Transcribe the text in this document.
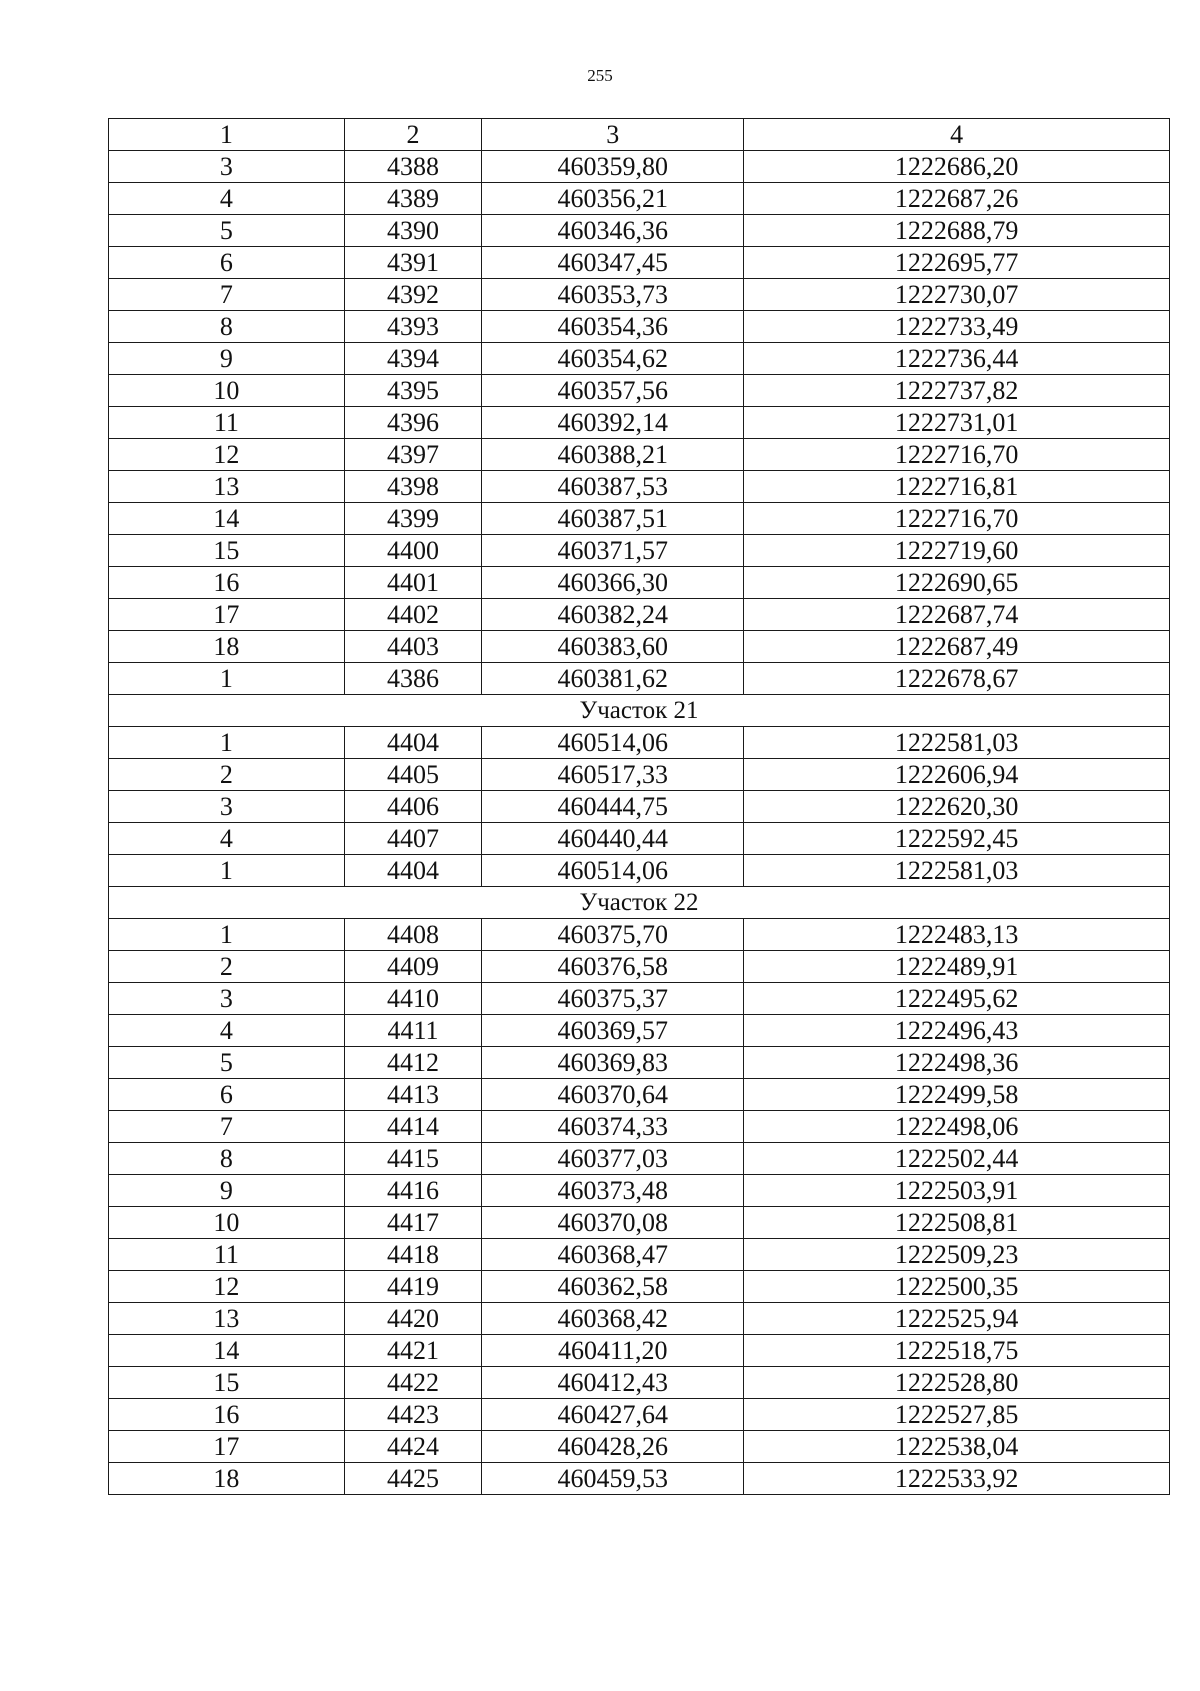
255
1	2	3	4
3	4388	460359,80	1222686,20
4	4389	460356,21	1222687,26
5	4390	460346,36	1222688,79
6	4391	460347,45	1222695,77
7	4392	460353,73	1222730,07
8	4393	460354,36	1222733,49
9	4394	460354,62	1222736,44
10	4395	460357,56	1222737,82
11	4396	460392,14	1222731,01
12	4397	460388,21	1222716,70
13	4398	460387,53	1222716,81
14	4399	460387,51	1222716,70
15	4400	460371,57	1222719,60
16	4401	460366,30	1222690,65
17	4402	460382,24	1222687,74
18	4403	460383,60	1222687,49
1	4386	460381,62	1222678,67
Участок 21			
1	4404	460514,06	1222581,03
2	4405	460517,33	1222606,94
3	4406	460444,75	1222620,30
4	4407	460440,44	1222592,45
1	4404	460514,06	1222581,03
Участок 22			
1	4408	460375,70	1222483,13
2	4409	460376,58	1222489,91
3	4410	460375,37	1222495,62
4	4411	460369,57	1222496,43
5	4412	460369,83	1222498,36
6	4413	460370,64	1222499,58
7	4414	460374,33	1222498,06
8	4415	460377,03	1222502,44
9	4416	460373,48	1222503,91
10	4417	460370,08	1222508,81
11	4418	460368,47	1222509,23
12	4419	460362,58	1222500,35
13	4420	460368,42	1222525,94
14	4421	460411,20	1222518,75
15	4422	460412,43	1222528,80
16	4423	460427,64	1222527,85
17	4424	460428,26	1222538,04
18	4425	460459,53	1222533,92
